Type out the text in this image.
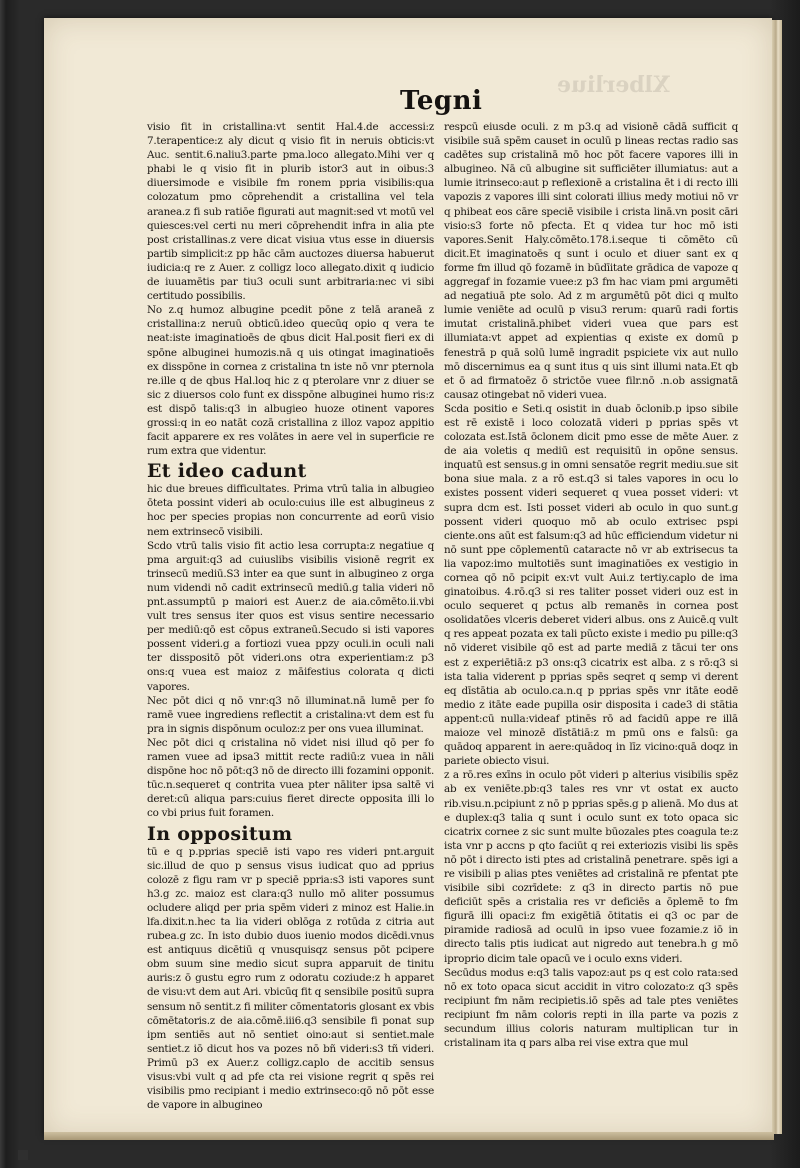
Xlberliue
Tegni

visio fit in cristallina:vt sentit Hal.4.de accessi:z 7.terapentice:z aly dicut q visio fit in neruis obticis:vt Auc. sentit.6.naliu3.parte pma.loco allegato.Mihi ver q phabi le q visio fit in plurib istor3 aut in oibus:3 diuersimode e visibile fm ronem ppria visibilis:qua colozatum pmo cōprehendit a cristallina vel tela aranea.z fi sub ratiōe figurati aut magnit:sed vt motū vel quiesces:vel certi nu meri cōprehendit infra in alia pte post cristallinas.z vere dicat visiua vtus esse in diuersis partib simplicit:z pp hāc cām auctozes diuersa habuerut iudicia:q re z Auer. z colligz loco allegato.dixit q iudicio de iuuamētis par tiu3 oculi sunt arbitraria:nec vi sibi certitudo possibilis.

No z.q humoz albugine pcedit pōne z telā araneā z cristallina:z neruū obticū.ideo quecūq opio q vera te neat:iste imaginatioēs de qbus dicit Hal.posit fieri ex di spōne albuginei humozis.nā q uis otingat imaginatioēs ex disspōne in cornea z cristalina tn iste nō vnr pternola re.ille q de qbus Hal.loq hic z q pterolare vnr z diuer se sic z diuersos colo funt ex disspōne albuginei humo ris:z est dispō talis:q3 in albugieo huoze otinent vapores grossi:q in eo natāt cozā cristallina z illoz vapoz appitio facit apparere ex res volātes in aere vel in superficie re rum extra que videntur.

Et ideo cadunt

hic due breues difficultates. Prima vtrū talia in albugieo ōteta possint videri ab oculo:cuius ille est albugineus z hoc per species propias non concurrente ad eorū visio nem extrinsecō visibili.

Scdo vtrū talis visio fit actio lesa corrupta:z negatiue q pma arguit:q3 ad cuiuslibs visibilis visionē regrit ex trinsecū mediū.S3 inter ea que sunt in albugineo z orga num videndi nō cadit extrinsecū mediū.g talia videri nō pnt.assumptū p maiori est Auer.z de aia.cōmēto.ii.vbi vult tres sensus iter quos est visus sentire necessario per mediū:qō est cōpus extraneū.Secudo si isti vapores possent videri.g a fortiozi vuea ppzy oculi.in oculi nali ter disspositō pōt videri.ons otra experientiam:z p3 ons:q vuea est maioz z māifestius colorata q dicti vapores.

Nec pōt dici q nō vnr:q3 nō illuminat.nā lumē per fo ramē vuee ingrediens reflectit a cristalina:vt dem est fu pra in signis dispōnum oculoz:z per ons vuea illuminat.

Nec pōt dici q cristalina nō videt nisi illud qō per fo ramen vuee ad ipsa3 mittit recte radiū:z vuea in nāli dispōne hoc nō pōt:q3 nō de directo illi fozamini opponit. tūc.n.sequeret q contrita vuea pter nāliter ipsa saltē vi deret:cū aliqua pars:cuius fieret directe opposita illi lo co vbi prius fuit foramen.

In oppositum

tū e q p.pprias speciē isti vapo res videri pnt.arguit sic.illud de quo p sensus visus iudicat quo ad pprius colozē z figu ram vr p speciē ppria:s3 isti vapores sunt h3.g zc. maioz est clara:q3 nullo mō aliter possumus ocludere aliqd per pria spēm videri z minoz est Halie.in lfa.dixit.n.hec ta lia videri oblōga z rotūda z citria aut rubea.g zc. In isto dubio duos iuenio modos dicēdi.vnus est antiquus dicētiū q vnusquisqz sensus pōt pcipere obm suum sine medio sicut supra apparuit de tinitu auris:z ō gustu egro rum z odoratu coziude:z h apparet de visu:vt dem aut Ari. vbicūq fit q sensibile positū supra sensum nō sentit.z fi militer cōmentatoris glosant ex vbis cōmētatoris.z de aia.cōmē.iii6.q3 sensibile fi ponat sup ipm sentiēs aut nō sentiet oino:aut si sentiet.male sentiet.z iō dicut hos va pozes nō bñ videri:s3 tñ videri. Primū p3 ex Auer.z colligz.caplo de accitib sensus visus:vbi vult q ad pfe cta rei visione regrit q spēs rei visibilis pmo recipiant i medio extrinseco:qō nō pōt esse de vapore in albugineo

respcū eiusde oculi. z m p3.q ad visionē cādā sufficit q visibile suā spēm causet in oculū p lineas rectas radio sas cadētes sup cristalinā mō hoc pōt facere vapores illi in albugineo. Nā cū albugine sit sufficiēter illumiatus: aut a lumie itrinseco:aut p reflexionē a cristalina ēt i di recto illi vapozis z vapores illi sint colorati illius medy motiui nō vr q phibeat eos cāre speciē visibile i crista linā.vn posit cāri visio:s3 forte nō pfecta. Et q videa tur hoc mō isti vapores.Senit Haly.cōmēto.178.i.seque ti cōmēto cū dicit.Et imaginatoēs q sunt i oculo et diuer sant ex q forme fm illud qō fozamē in būdīitate grādica de vapoze q aggregaf in fozamie vuee:z p3 fm hac viam pmi argumēti ad negatiuā pte solo. Ad z m argumētū pōt dici q multo lumie veniēte ad oculū p visu3 rerum: quarū radi fortis imutat cristalinā.phibet videri vuea que pars est illumiata:vt appet ad expientias q existe ex domū p fenestrā p quā solū lumē ingradit pspiciete vix aut nullo mō discernimus ea q sunt itus q uis sint illumi nata.Et qb et ō ad firmatoēz ō strictōe vuee filr.nō .n.ob assignatā causaz otingebat nō videri vuea.

Scda positio e Seti.q osistit in duab ōclonib.p ipso sibile est rē existē i loco colozatā videri p pprias spēs vt colozata est.Istā ōclonem dicit pmo esse de mēte Auer. z de aia voletis q mediū est requisitū in opōne sensus. inquatū est sensus.g in omni sensatōe regrit mediu.sue sit bona siue mala. z a rō est.q3 si tales vapores in ocu lo existes possent videri sequeret q vuea posset videri: vt supra dcm est. Isti posset videri ab oculo in quo sunt.g possent videri quoquo mō ab oculo extrisec pspi ciente.ons aūt est falsum:q3 ad hūc efficiendum videtur ni nō sunt ppe cōplementū cataracte nō vr ab extrisecus ta lia vapoz:imo multotiēs sunt imaginatiōes ex vestigio in cornea qō nō pcipit ex:vt vult Aui.z tertiy.caplo de ima ginatoibus. 4.rō.q3 si res taliter posset videri ouz est in oculo sequeret q pctus alb remanēs in cornea post osolidatōes vlceris deberet videri albus. ons z Auicē.q vult q res appeat pozata ex tali pūcto existe i medio pu pille:q3 nō videret visibile qō est ad parte mediā z tācui ter ons est z experiētiā:z p3 ons:q3 cicatrix est alba. z s rō:q3 si ista talia viderent p pprias spēs seqret q semp vi derent eq dīstātia ab oculo.ca.n.q p pprias spēs vnr itāte eodē medio z itāte eade pupilla osir disposita i cade3 di stātia appent:cū nulla:videaf ptinēs rō ad facidū appe re illā maioze vel minozē dīstātiā:z m pmū ons e falsū: ga quādoq apparent in aere:quādoq in līz vicino:quā doqz in pariete obiecto visui.

z a rō.res exīns in oculo pōt videri p alterius visibilis spēz ab ex veniēte.pb:q3 tales res vnr vt ostat ex aucto rib.visu.n.pcipiunt z nō p pprias spēs.g p alienā. Mo dus at e duplex:q3 talia q sunt i oculo sunt ex toto opaca sic cicatrix cornee z sic sunt multe būozales ptes coagula te:z ista vnr p accns p qto faciūt q rei exteriozis visibi lis spēs nō pōt i directo isti ptes ad cristalinā penetrare. spēs igi a re visibili p alias ptes veniētes ad cristalinā re pfentat pte visibile sibi cozrīdete: z q3 in directo partis nō pue deficiūt spēs a cristalia res vr deficiēs a ōplemē to fm figurā illi opaci:z fm exigētiā ōtitatis ei q3 oc par de piramide radiosā ad oculū in ipso vuee fozamie.z iō in directo talis ptis iudicat aut nigredo aut tenebra.h g mō iproprio dicim tale opacū ve i oculo exns videri.

Secūdus modus e:q3 talis vapoz:aut ps q est colo rata:sed nō ex toto opaca sicut accidit in vitro colozato:z q3 spēs recipiunt fm nām recipietis.iō spēs ad tale ptes veniētes recipiunt fm nām coloris repti in illa parte va pozis z secundum illius coloris naturam multiplican tur in cristalinam ita q pars alba rei vise extra que mul
